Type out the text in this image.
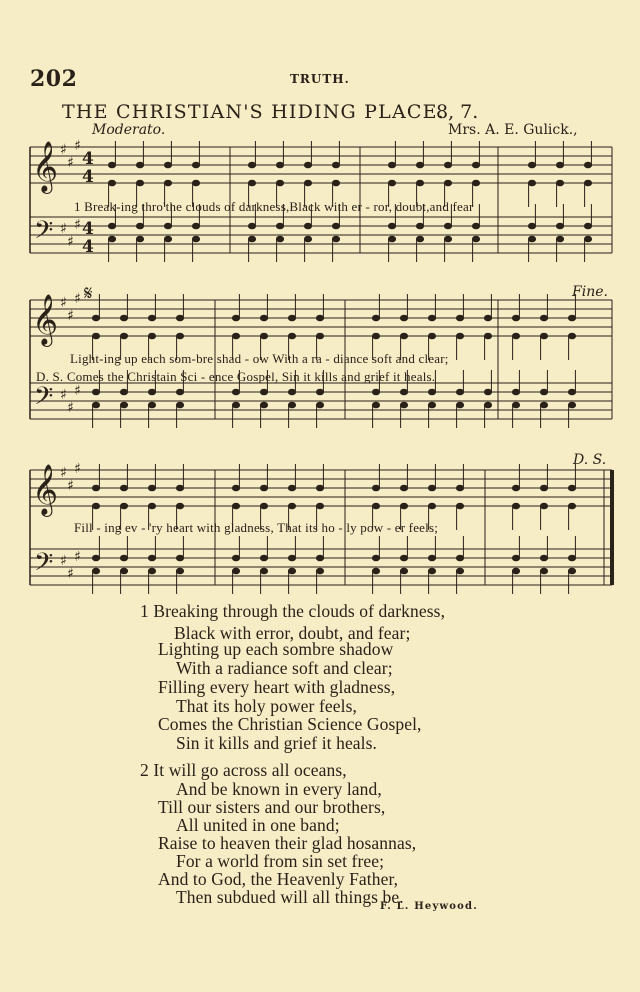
202	TRUTH.
THE CHRISTIAN'S HIDING PLACE.
8, 7.
Moderato.	Mrs. A. E. Gulick.,
𝄞 ♯
♯
♯
4
4
𝄢 ♯
♯
♯ 4
4
𝄞 ♯
♯
♯
𝄢 ♯
♯
♯
𝄞 ♯
♯
♯
𝄢 ♯
♯
♯
𝄋	Fine.
D. S.
1 Break-ing thro'the clouds of darkness,Black with er - ror, doubt,and fear
Light-ing up each som-bre shad - ow With a ra - diance soft and clear;
D. S. Comes the Christain Sci - ence Gospel, Sin it kills and grief it heals.
Fill - ing ev - 'ry heart with gladness, That its ho - ly pow - er feels;
1 Breaking through the clouds of darkness,
Black with error, doubt, and fear;
Lighting up each sombre shadow
With a radiance soft and clear;
Filling every heart with gladness,
That its holy power feels,
Comes the Christian Science Gospel,
Sin it kills and grief it heals.
2 It will go across all oceans,
And be known in every land,
Till our sisters and our brothers,
All united in one band;
Raise to heaven their glad hosannas,
For a world from sin set free;
And to God, the Heavenly Father,
Then subdued will all things be.
F. L. Heywood.
